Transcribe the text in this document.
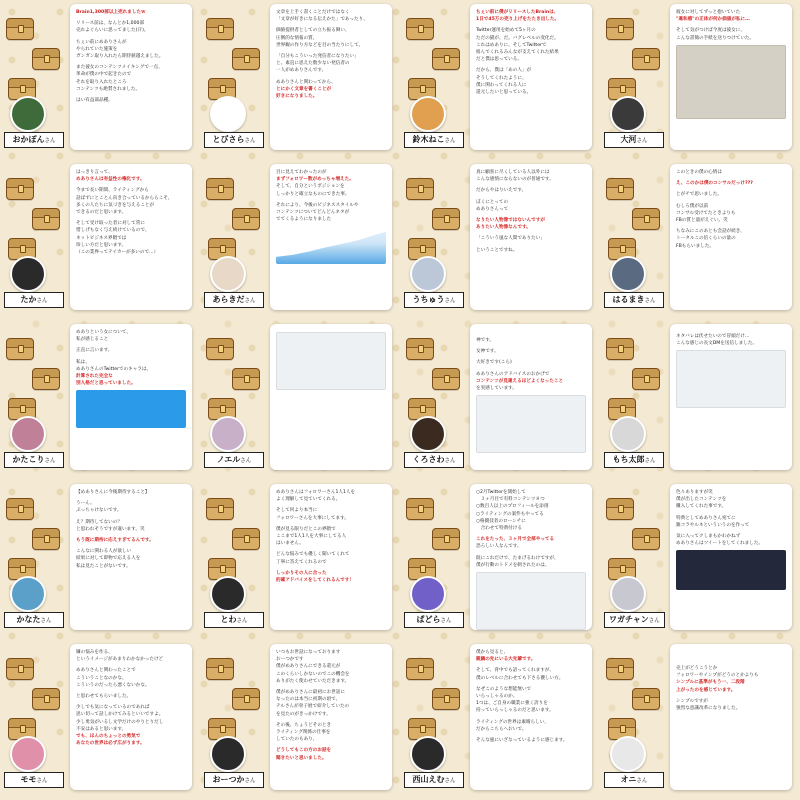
Brain1,300部以上売れましたｗ
リリース前は、なんとか1,000部
売れよぐらいに思ってました(汗)。
ちぇい前にめありさんが
やられていた施策を
ガンガン取り入れたら期待値越えました。
また彼女のコンテンツメイキングで一点、
革命が僕の中で起きたので
それを取り入れたところ
コンテンツも絶賛されました。
はい有益部品種。
おかぽんさん
文章を上手く書くことだけではなく
「文章が好きになる伝えかた」であったり、
価値提供者としての立ち振る舞い、
圧倒的な情報の質、
世界観の作り方などを目の当たりにして、
「自分もこういった発信者になりたい」
と、素直に思えた数少ない発信者の
一人がめありさんです。
めありさんと関わってから、
とにかく文章を書くことが
好きになりました。
とびさらさん
ちぇい前に僕がリリースしたBrainは、
1日で45万の売り上げをたたき出した。
Twitter運用を始めて5ヶ月の
ただの猫が、だ。バグレベルの変化だ。
これはめありに、そしてTwitterで
絡んでくれるみんなが支えてくれた結果
だと僕は思っている。
だから、僕は「あの人」が
そうしてくれたように、
僕に関わってくれる人に
還元したいと思っている。
鈴木ねこさん
彼女に対してずっと抱いていた
"違和感"の正体が何か価値が私に…
そして気がつけば今度は彼女に、
こんな書簡の手紙を送りつけていた。
大河さん
はっきり言って、
めありさんは有益性の権化です。
今まで長い期間、ライティングから
話ばずにとことん向き合っているかららこそ、
多くの人たちに気づきを与えることが
できるのだと思います。
そして受け取った者に対して常に
惜しげもなく与え続けているので、
ネットビジネス界隈では
珍しい方だと思います。
（この業界ってテイカーが多いので…）
たかさん
目に見えてわかったのが
まずフォロワー数がめっちゃ増えた。
そして、自分というポジションを
しっかりと確立なものにできた事。
それにより、今後のビジネススタイルや
コンテンツについてどんどんネタが
でてくるようになりました
あらきださん
真に顧客に尽くしている人以外には
こんな感情にならないのが普通です。
だからやはりいえです。
ぼくにとっての
めありさんって
なりたい人物像ではないんですが
ありたい人物像なんです。
「こういう風な人間でありたい」
ということですね。
うちゅうさん
このときの僕の心情は
え、このかは僕のコンサルだっけ???
とがチで思いました。
むしろ僕が以前
コンサル受けてたときよりも
FBの質と量がえぐい。笑
ちなみにこのあとも会話が続き、
トータルこの倍くらいの量の
FBもらいました。
はるまきさん
めありという女について、
私が感じること
正直に言います。
私は、
めありさんのTwitterでのキャラは、
計算された完全な
別人格だと思っていました。
かたこりさん	ノエルさん
神です。
女神です。
大好きです(こら)
めありさんのアドバイスのおかげで
コンテンツが見違えるほどよくなったこと
を実感しています。
くろさわさん
ネタバレは伏せたいので冒頭だけ…
こんな感じの長文DMを送信しました。
もち太郎さん
【めありさんに今後期待すること】
うーん。
ぶっちゃけないです。
え？期待してないの？
と思われそうですが違います。笑
もう既に期待に応えすぎてるんです。
こんなに関わる人が欲しい
結果に対して即物で応える人を
私は見たことがないです。
かなたさん
めありさんはフォロワーさん1人1人を
よく理解して見ていてくれる。
そして何より本当に
フォロワーさんを大事にしてます。
僕が見る限りだとこの界隈で
ここまで1人1人を大事にしてる人
はいません。
どんな悩みでも優しく聞いてくれて
丁寧に答えてくれるので
しっかりその人に合った
的確アドバイスをしてくれるんです！
とわさん
○2月Twitterを開始して
　３ヶ月目で有料コンテンツ８つ
○数百人以上のプロフィールを添削
○ライティングの案件もやってる
○格闘技者のローンチに
　合わせて特典付ける
これをたった、３ヶ月で全部やってる
恐ろしい人なんです。
既にこれだけで、たまげるわけですが、
僕が行動のトドメを刺されたのは、
ぱどらさん
色々ありますが笑
僕が出したコンテンツを
購入してくれた事です。
特典としてめありさん宛てに
雑コラやルネといういうのを作って
気に入ってクしまもかわかねず
めありさんはツイートをしてくれました。
ワガチャンさん
嫌の悩みを作る、
というイメージがあまりわかなかったけど
めありさんと関わったことで
こういうことなのかな、
こういうのだったら悪くないかな。
と思わせてもらいました。
少しでも気になっているのであれば
思い切って話しかけてみるといいですよ。
少し勇気がいるし文学だけのやりとりだし
不安はあると思います。
でも、ほんのちょっとの勇気で
あなたの世界は必ず広がります。
モモさん
いつもお世話になっております
おーつかです
僕がめありさんにできる還元が
このくらいしかないのでこの機会を
ありがたく使わせていただきます。
僕がめありさんに最初にお世話に
なったのは本当に初期の頃で、
テルさんが骨子展で紹介していたの
を見たのがきっかけです。
その後、ちょうどそのとき
ライティング関係の仕事を
していたのもあり、
どうしてもこの方のお話を
聞きたいと思いました。
おーつかさん
僕から見ると、
親鍋の先にいる大先輩です。
そして、背中でも語ってくれますが、
僕のレベルに合わせても下さる優しい方。
なぜこのような想能無いで
いらっしゃるのか。
1つは、ご自身の職業に強く誇りを
持っていらっしゃるのだと思います。
ライティングの世界は素晴らしい、
だからこちらへおいで。
そんな風にいざなっているように感じます。
西山えむさん
売上がどうこうとか
フォロワーやインプがどうのとかよりも
シンプルに基準がもう一、二段階
上がったのを感じています。
シンプルですが
強烈な意識改革になりました。
オニさん
